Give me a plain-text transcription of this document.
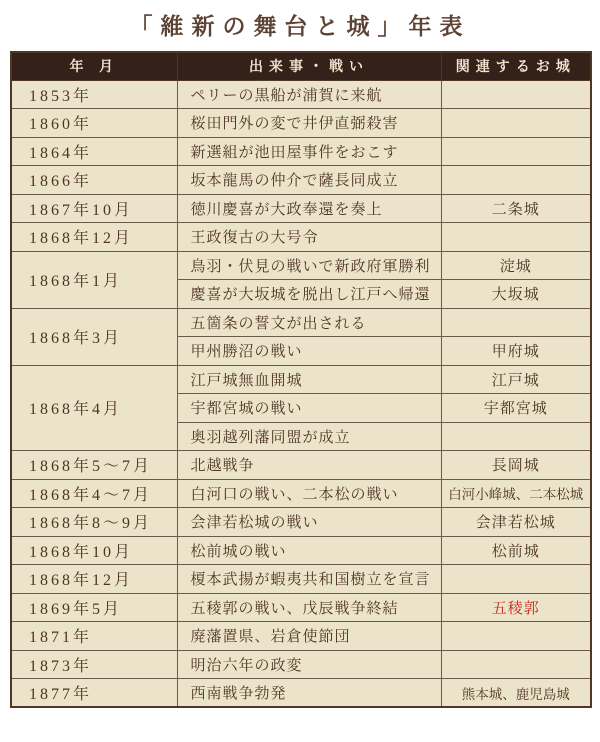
「維新の舞台と城」年表
年 月	出来事・戦い	関連するお城
1853年	ペリーの黒船が浦賀に来航	
1860年	桜田門外の変で井伊直弼殺害	
1864年	新選組が池田屋事件をおこす	
1866年	坂本龍馬の仲介で薩長同成立	
1867年10月	徳川慶喜が大政奉還を奏上	二条城
1868年12月	王政復古の大号令	
1868年1月	鳥羽・伏見の戦いで新政府軍勝利	淀城
	慶喜が大坂城を脱出し江戸へ帰還	大坂城
1868年3月	五箇条の誓文が出される	
	甲州勝沼の戦い	甲府城
1868年4月	江戸城無血開城	江戸城
	宇都宮城の戦い	宇都宮城
	奥羽越列藩同盟が成立	
1868年5〜7月	北越戦争	長岡城
1868年4〜7月	白河口の戦い、二本松の戦い	白河小峰城、二本松城
1868年8〜9月	会津若松城の戦い	会津若松城
1868年10月	松前城の戦い	松前城
1868年12月	榎本武揚が蝦夷共和国樹立を宣言	
1869年5月	五稜郭の戦い、戊辰戦争終結	五稜郭
1871年	廃藩置県、岩倉使節団	
1873年	明治六年の政変	
1877年	西南戦争勃発	熊本城、鹿児島城
